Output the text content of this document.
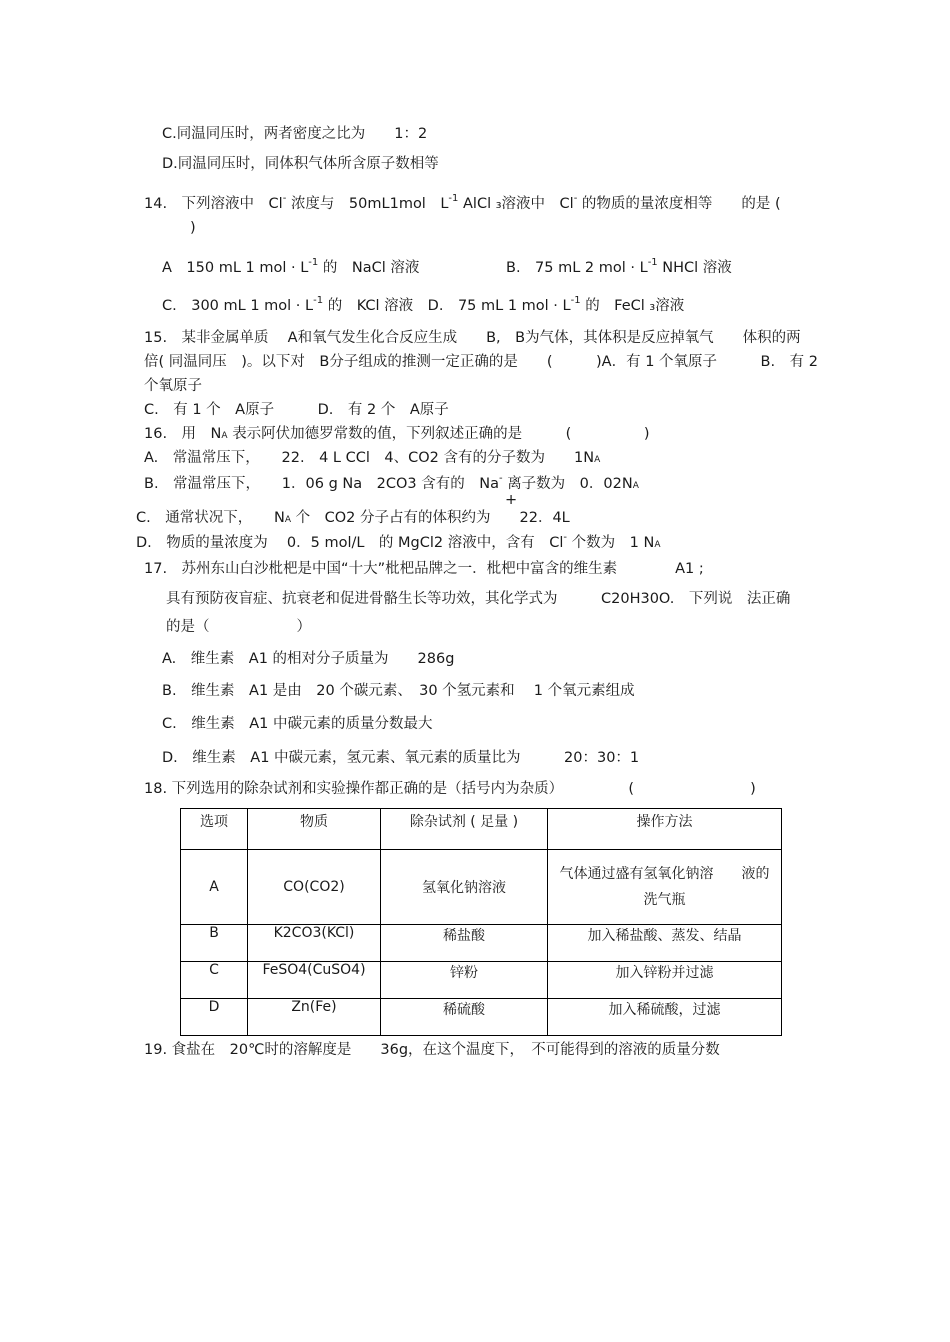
C.同温同压时，两者密度之比为　　1：2
D.同温同压时，同体积气体所含原子数相等
14.　下列溶液中　Cl- 浓度与　50mL1mol　$L^{-1}$ AlCl ₃溶液中　Cl- 的物质的量浓度相等　　的是 (
)
A　150 mL 1 mol · $L^{-1}$ 的　NaCl 溶液	B.　75 mL 2 mol · $L^{-1}$ NHCl 溶液
C.　300 mL 1 mol · $L^{-1}$ 的　KCl 溶液　D.　75 mL 1 mol · $L^{-1}$ 的　FeCl ₃溶液
15.　某非金属单质　 A和氧气发生化合反应生成　　B,　B为气体，其体积是反应掉氧气　　体积的两
倍( 同温同压　)。以下对　B分子组成的推测一定正确的是　　(　　　)A．有 1 个氧原子　　　B.　有 2
个氧原子
C.　有 1 个　A原子　　　D.　有 2 个　A原子
16.　用　NA 表示阿伏加德罗常数的值，下列叙述正确的是　　　(　　　　　)
A.　常温常压下，　　22.　4 L CCl　4、CO2 含有的分子数为　　1NA
B.　常温常压下，　　1．06 g Na　2CO3 含有的　Na- 离子数为　0．02NA
+
C.　通常状况下，　　NA 个　CO2 分子占有的体积约为　　22．4L
D.　物质的量浓度为　 0．5 mol/L　的 MgCl2 溶液中，含有　Cl- 个数为　1 NA
17.　苏州东山白沙枇杷是中国“十大”枇杷品牌之一．枇杷中富含的维生素　　　　A1 ;
具有预防夜盲症、抗衰老和促进骨骼生长等功效，其化学式为　　　C20H30O.　下列说　法正确
的是（　　　　　　）
A.　维生素　A1 的相对分子质量为　　286g
B.　维生素　A1 是由　20 个碳元素、　30 个氢元素和　 1 个氧元素组成
C.　维生素　A1 中碳元素的质量分数最大
D.　维生素　A1 中碳元素，氢元素、氧元素的质量比为　　　20：30：1
18. 下列选用的除杂试剂和实验操作都正确的是（括号内为杂质）　　　　　(　　　　　　　　)
选项	物质	除杂试剂 ( 足量 )	操作方法
A	CO(CO2)	氢氧化钠溶液	气体通过盛有氢氧化钠溶　　液的洗气瓶
B	K2CO3(KCl)	稀盐酸	加入稀盐酸、蒸发、结晶
C	FeSO4(CuSO4)	锌粉	加入锌粉并过滤
D	Zn(Fe)	稀硫酸	加入稀硫酸，过滤
19. 食盐在　20℃时的溶解度是　　36g，在这个温度下，　不可能得到的溶液的质量分数
